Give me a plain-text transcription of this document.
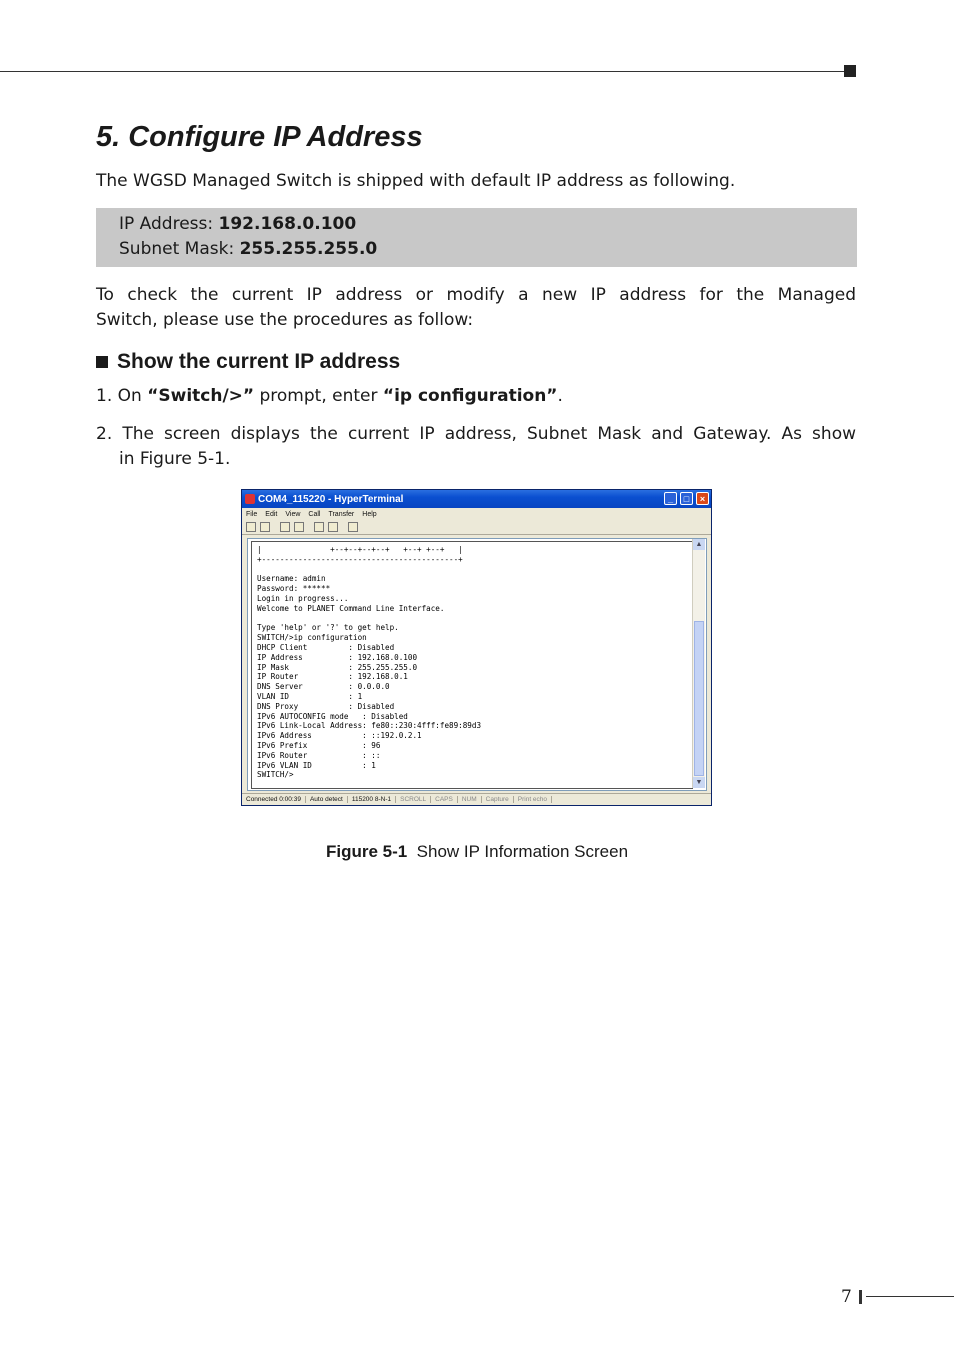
5. Configure IP Address

The WGSD Managed Switch is shipped with default IP address as following.

IP Address: 192.168.0.100
Subnet Mask: 255.255.255.0

To check the current IP address or modify a new IP address for the Managed

Switch, please use the procedures as follow:

Show the current IP address

1. On “Switch/>” prompt, enter “ip configuration”.

2. The screen displays the current IP address, Subnet Mask and Gateway. As show

in Figure 5-1.

COM4_115220 - HyperTerminal	_	□	×
File Edit View Call Transfer Help
|               +--+--+--+--+   +--+ +--+   |
+-------------------------------------------+

Username: admin
Password: ******
Login in progress...
Welcome to PLANET Command Line Interface.

Type 'help' or '?' to get help.
SWITCH/>ip configuration
DHCP Client         : Disabled
IP Address          : 192.168.0.100
IP Mask             : 255.255.255.0
IP Router           : 192.168.0.1
DNS Server          : 0.0.0.0
VLAN ID             : 1
DNS Proxy           : Disabled
IPv6 AUTOCONFIG mode   : Disabled
IPv6 Link-Local Address: fe80::230:4fff:fe89:89d3
IPv6 Address           : ::192.0.2.1
IPv6 Prefix            : 96
IPv6 Router            : ::
IPv6 VLAN ID           : 1
SWITCH/>
▲
▼
Connected 0:00:39	Auto detect	115200 8-N-1	SCROLL	CAPS	NUM	Capture	Print echo
Figure 5-1 Show IP Information Screen
7
